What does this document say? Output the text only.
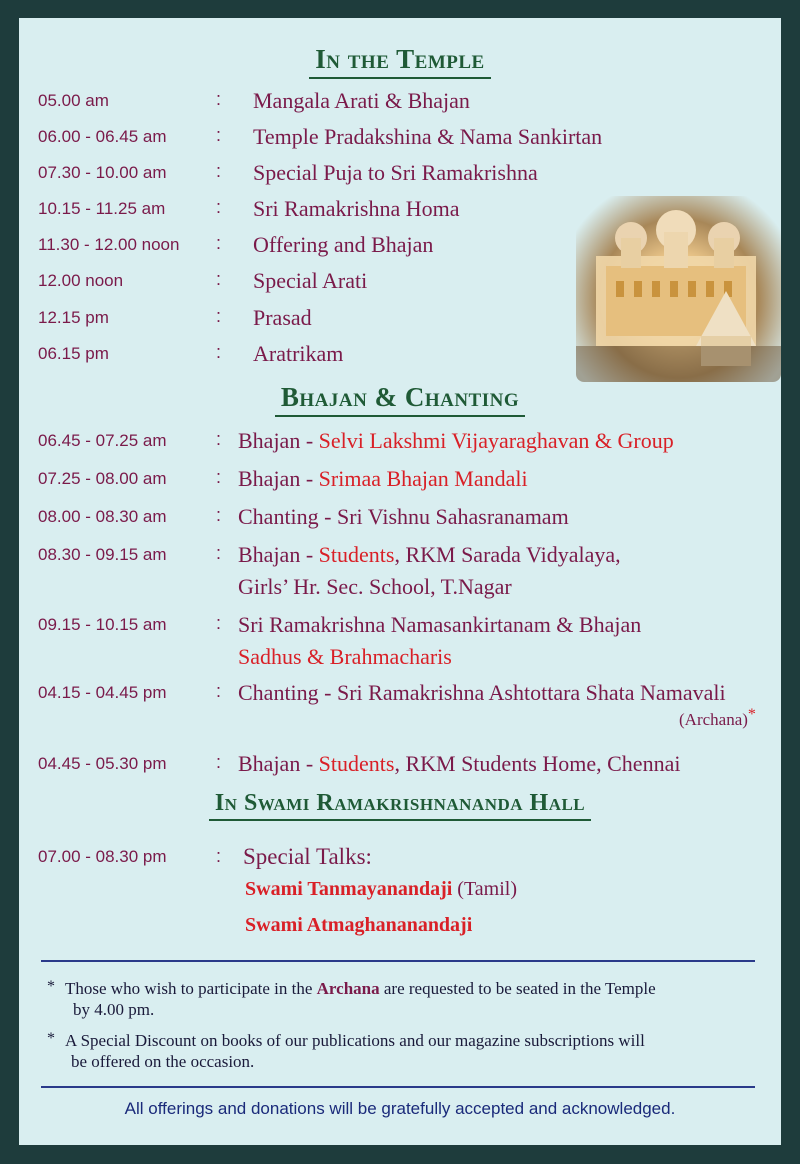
In the Temple
05.00 am	: Mangala Arati & Bhajan
06.00 - 06.45 am	: Temple Pradakshina & Nama Sankirtan
07.30 - 10.00 am	: Special Puja to Sri Ramakrishna
10.15 - 11.25 am	: Sri Ramakrishna Homa
11.30 - 12.00 noon : Offering and Bhajan
12.00 noon	: Special Arati
12.15 pm	: Prasad
06.15 pm	: Aratrikam
Bhajan & Chanting
06.45 - 07.25 am	: Bhajan - Selvi Lakshmi Vijayaraghavan & Group
07.25 - 08.00 am	: Bhajan - Srimaa Bhajan Mandali
08.00 - 08.30 am	: Chanting - Sri Vishnu Sahasranamam
08.30 - 09.15 am	: Bhajan - Students, RKM Sarada Vidyalaya,
Girls’ Hr. Sec. School, T.Nagar
09.15 - 10.15 am	: Sri Ramakrishna Namasankirtanam & Bhajan
Sadhus & Brahmacharis
04.15 - 04.45 pm	: Chanting - Sri Ramakrishna Ashtottara Shata Namavali
(Archana)*
04.45 - 05.30 pm	: Bhajan - Students, RKM Students Home, Chennai
In Swami Ramakrishnananda Hall
07.00 - 08.30 pm	: Special Talks:
Swami Tanmayanandaji (Tamil)
Swami Atmaghananandaji
* Those who wish to participate in the Archana are requested to be seated in the Temple
by 4.00 pm.
* A Special Discount on books of our publications and our magazine subscriptions will
be offered on the occasion.
All offerings and donations will be gratefully accepted and acknowledged.
